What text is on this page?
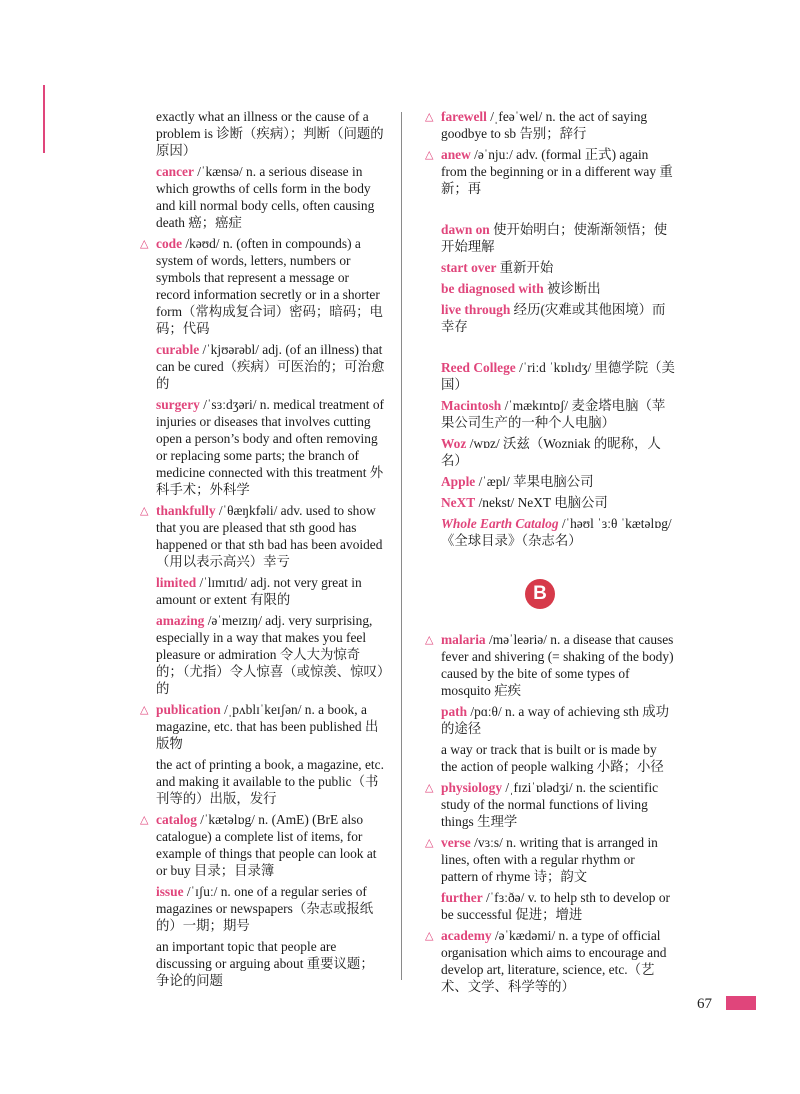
exactly what an illness or the cause of a problem is 诊断（疾病）；判断（问题的原因）
cancer /ˈkænsə/ n. a serious disease in which growths of cells form in the body and kill normal body cells, often causing death 癌；癌症
△ code /kəʊd/ n. (often in compounds) a system of words, letters, numbers or symbols that represent a message or record information secretly or in a shorter form（常构成复合词）密码；暗码；电码；代码
curable /ˈkjʊərəbl/ adj. (of an illness) that can be cured（疾病）可医治的；可治愈的
surgery /ˈsɜːdʒəri/ n. medical treatment of injuries or diseases that involves cutting open a person’s body and often removing or replacing some parts; the branch of medicine connected with this treatment 外科手术；外科学
△ thankfully /ˈθæŋkfəli/ adv. used to show that you are pleased that sth good has happened or that sth bad has been avoided（用以表示高兴）幸亏
limited /ˈlɪmɪtɪd/ adj. not very great in amount or extent 有限的
amazing /əˈmeɪzɪŋ/ adj. very surprising, especially in a way that makes you feel pleasure or admiration 令人大为惊奇的；（尤指）令人惊喜（或惊羡、惊叹）的
△ publication /ˌpʌblɪˈkeɪʃən/ n. a book, a magazine, etc. that has been published 出版物
the act of printing a book, a magazine, etc. and making it available to the public（书刊等的）出版，发行
△ catalog /ˈkætəlɒg/ n. (AmE) (BrE also catalogue) a complete list of items, for example of things that people can look at or buy 目录；目录簿
issue /ˈɪʃuː/ n. one of a regular series of magazines or newspapers（杂志或报纸的）一期；期号
an important topic that people are discussing or arguing about 重要议题；争论的问题
△ farewell /ˌfeəˈwel/ n. the act of saying goodbye to sb 告别；辞行
△ anew /əˈnjuː/ adv. (formal 正式) again from the beginning or in a different way 重新；再
dawn on 使开始明白；使渐渐领悟；使开始理解
start over 重新开始
be diagnosed with 被诊断出
live through 经历(灾难或其他困境）而幸存
Reed College /ˈriːd ˈkɒlɪdʒ/ 里德学院（美国）
Macintosh /ˈmækɪntɒʃ/ 麦金塔电脑（苹果公司生产的一种个人电脑）
Woz /wɒz/ 沃兹（Wozniak 的昵称，人名）
Apple /ˈæpl/ 苹果电脑公司
NeXT /nekst/ NeXT 电脑公司
Whole Earth Catalog /ˈhəʊl ˈɜːθ ˈkætəlɒg/《全球目录》（杂志名）
B
△ malaria /məˈleəriə/ n. a disease that causes fever and shivering (= shaking of the body) caused by the bite of some types of mosquito 疟疾
path /pɑːθ/ n. a way of achieving sth 成功的途径
a way or track that is built or is made by the action of people walking 小路；小径
△ physiology /ˌfɪziˈɒlədʒi/ n. the scientific study of the normal functions of living things 生理学
△ verse /vɜːs/ n. writing that is arranged in lines, often with a regular rhythm or pattern of rhyme 诗；韵文
further /ˈfɜːðə/ v. to help sth to develop or be successful 促进；增进
△ academy /əˈkædəmi/ n. a type of official organisation which aims to encourage and develop art, literature, science, etc.（艺术、文学、科学等的）
67
